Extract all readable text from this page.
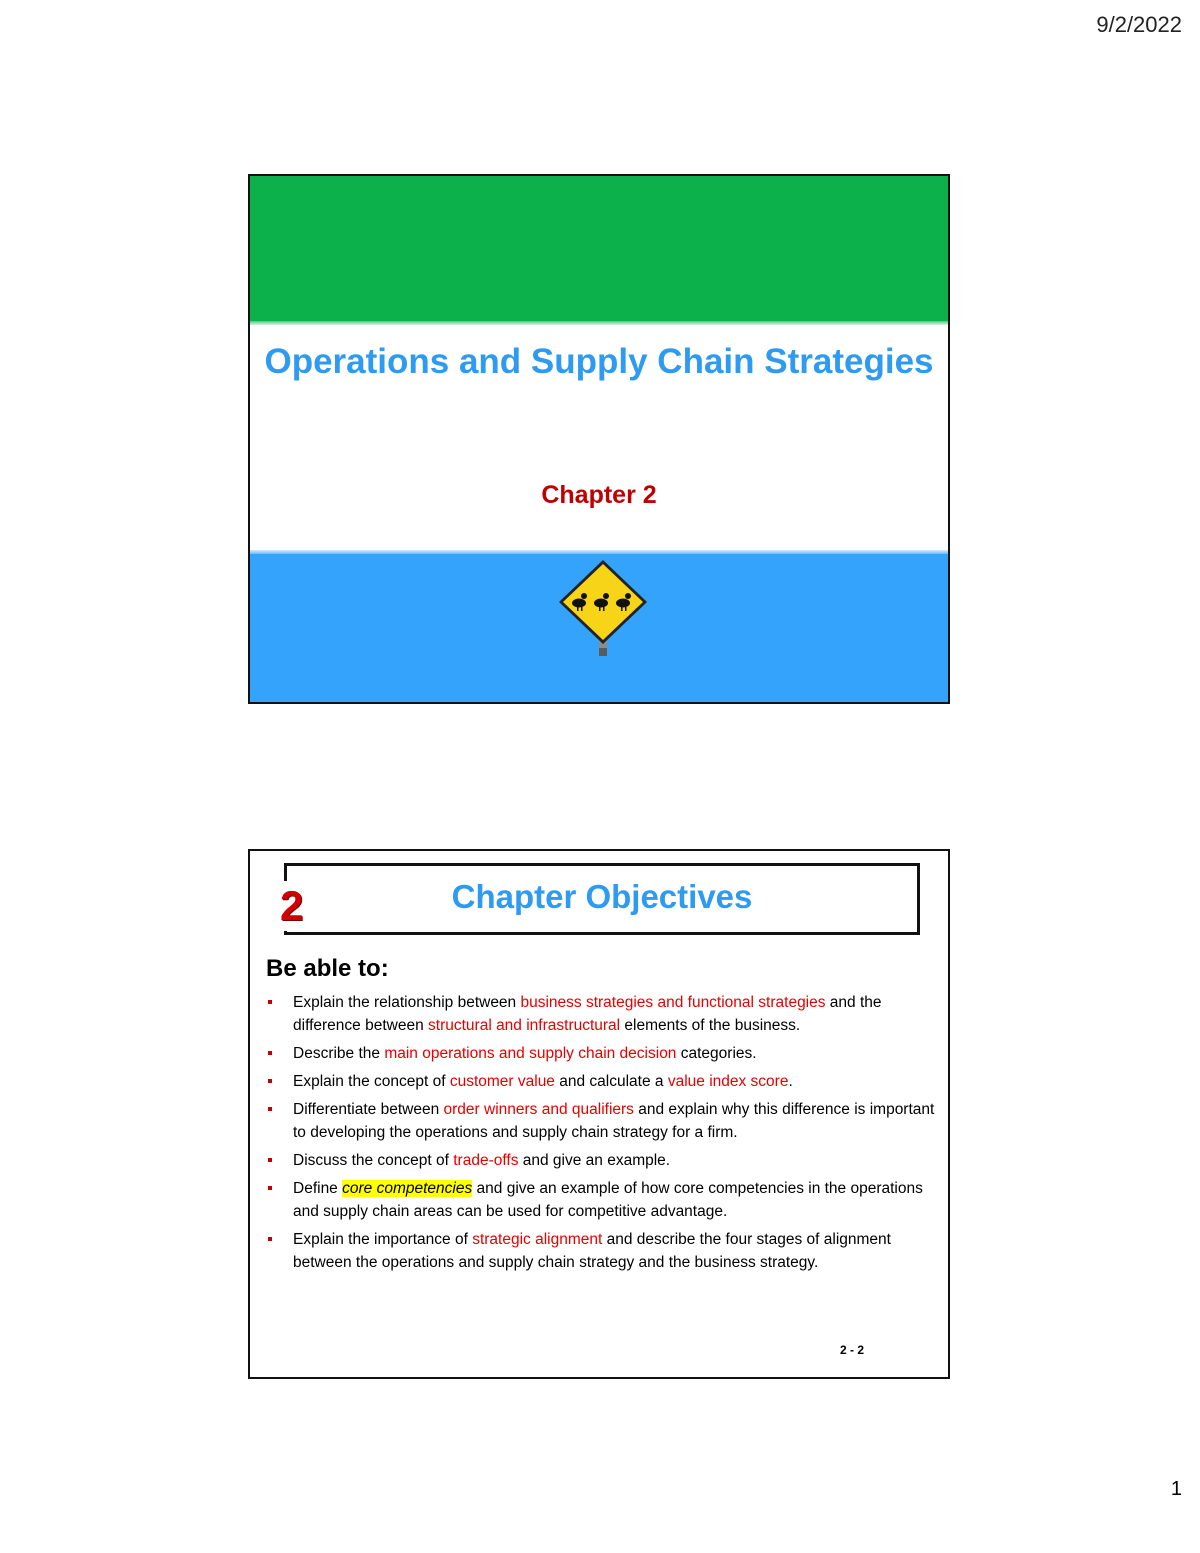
9/2/2022
Operations and Supply Chain Strategies
Chapter 2
Chapter Objectives
2
Be able to:
Explain the relationship between business strategies and functional strategies and the difference between structural and infrastructural elements of the business.
Describe the main operations and supply chain decision categories.
Explain the concept of customer value and calculate a value index score.
Differentiate between order winners and qualifiers and explain why this difference is important to developing the operations and supply chain strategy for a firm.
Discuss the concept of trade-offs and give an example.
Define core competencies and give an example of how core competencies in the operations and supply chain areas can be used for competitive advantage.
Explain the importance of strategic alignment and describe the four stages of alignment between the operations and supply chain strategy and the business strategy.
2 - 2
1
